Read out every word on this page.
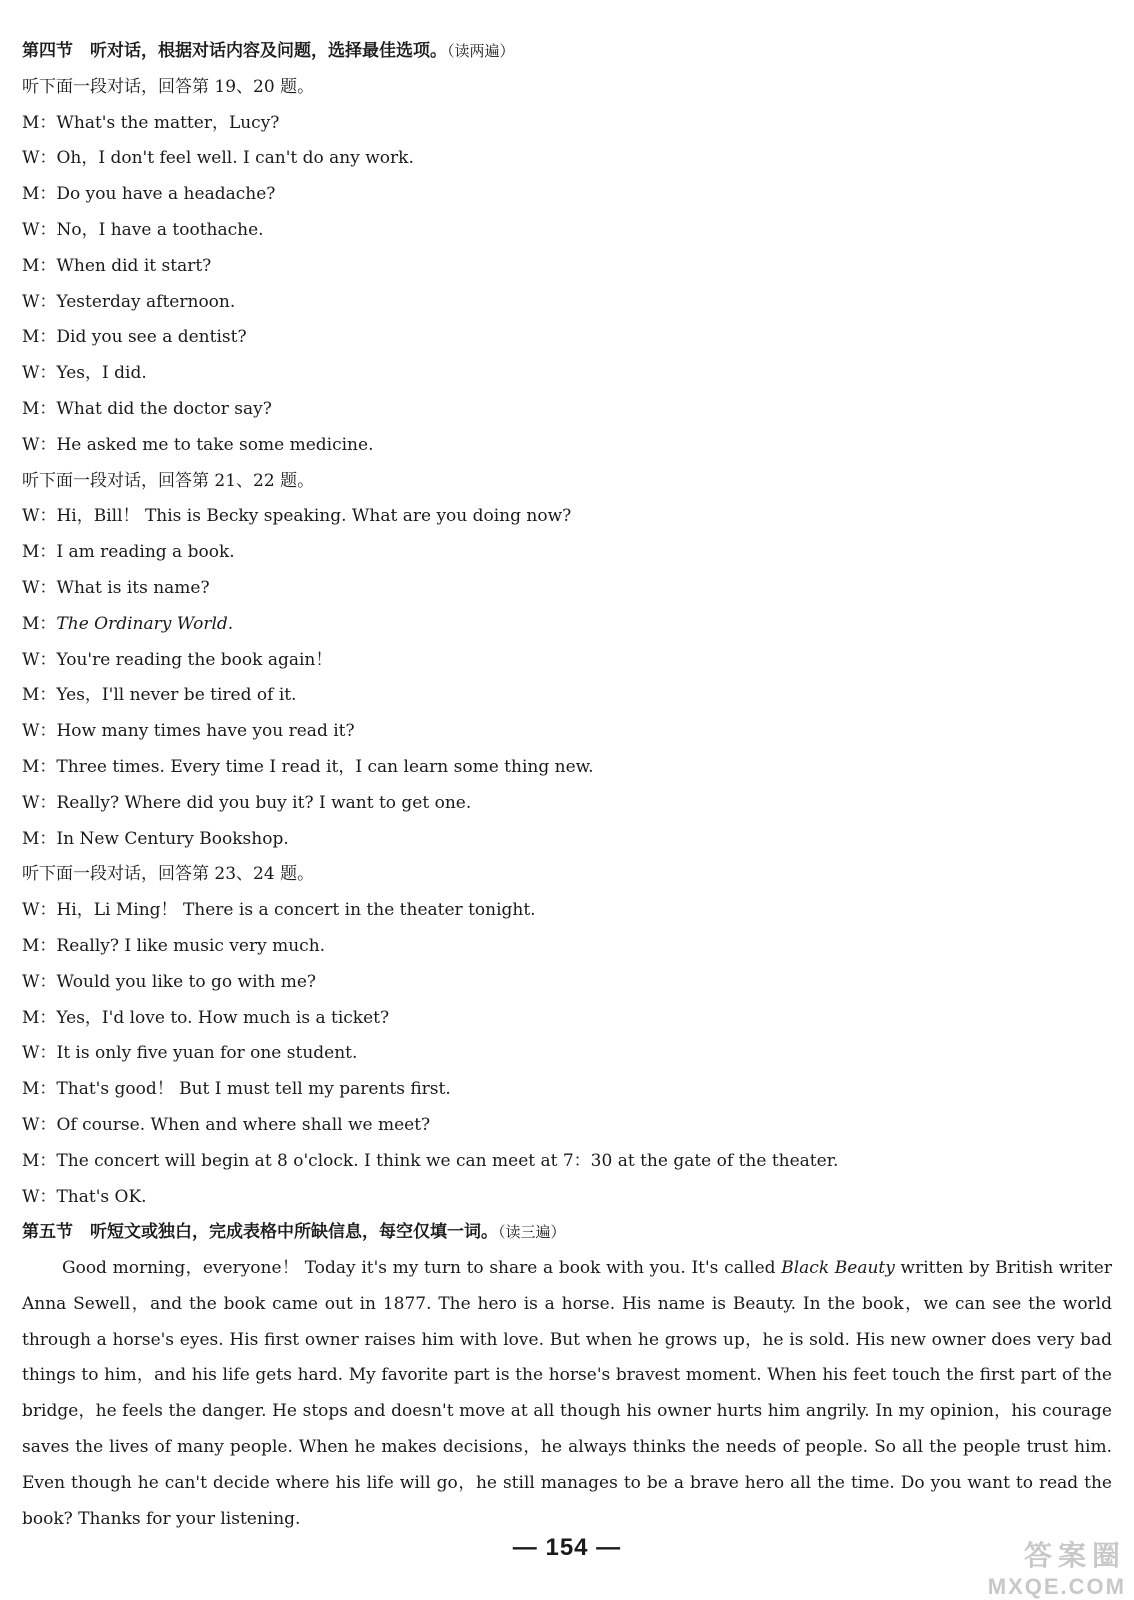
第四节　听对话，根据对话内容及问题，选择最佳选项。（读两遍）
听下面一段对话，回答第 19、20 题。
M：What's the matter，Lucy?
W：Oh，I don't feel well. I can't do any work.
M：Do you have a headache?
W：No，I have a toothache.
M：When did it start?
W：Yesterday afternoon.
M：Did you see a dentist?
W：Yes，I did.
M：What did the doctor say?
W：He asked me to take some medicine.
听下面一段对话，回答第 21、22 题。
W：Hi，Bill！ This is Becky speaking. What are you doing now?
M：I am reading a book.
W：What is its name?
M：The Ordinary World.
W：You're reading the book again！
M：Yes，I'll never be tired of it.
W：How many times have you read it?
M：Three times. Every time I read it，I can learn some thing new.
W：Really? Where did you buy it? I want to get one.
M：In New Century Bookshop.
听下面一段对话，回答第 23、24 题。
W：Hi，Li Ming！ There is a concert in the theater tonight.
M：Really? I like music very much.
W：Would you like to go with me?
M：Yes，I'd love to. How much is a ticket?
W：It is only five yuan for one student.
M：That's good！ But I must tell my parents first.
W：Of course. When and where shall we meet?
M：The concert will begin at 8 o'clock. I think we can meet at 7：30 at the gate of the theater.
W：That's OK.
第五节　听短文或独白，完成表格中所缺信息，每空仅填一词。（读三遍）

Good morning，everyone！ Today it's my turn to share a book with you. It's called Black Beauty written by British writer Anna Sewell，and the book came out in 1877. The hero is a horse. His name is Beauty. In the book，we can see the world through a horse's eyes. His first owner raises him with love. But when he grows up，he is sold. His new owner does very bad things to him，and his life gets hard. My favorite part is the horse's bravest moment. When his feet touch the first part of the bridge，he feels the danger. He stops and doesn't move at all though his owner hurts him angrily. In my opinion，his courage saves the lives of many people. When he makes decisions，he always thinks the needs of people. So all the people trust him. Even though he can't decide where his life will go，he still manages to be a brave hero all the time. Do you want to read the book? Thanks for your listening.

— 154 —	答案圈
MXQE.COM
